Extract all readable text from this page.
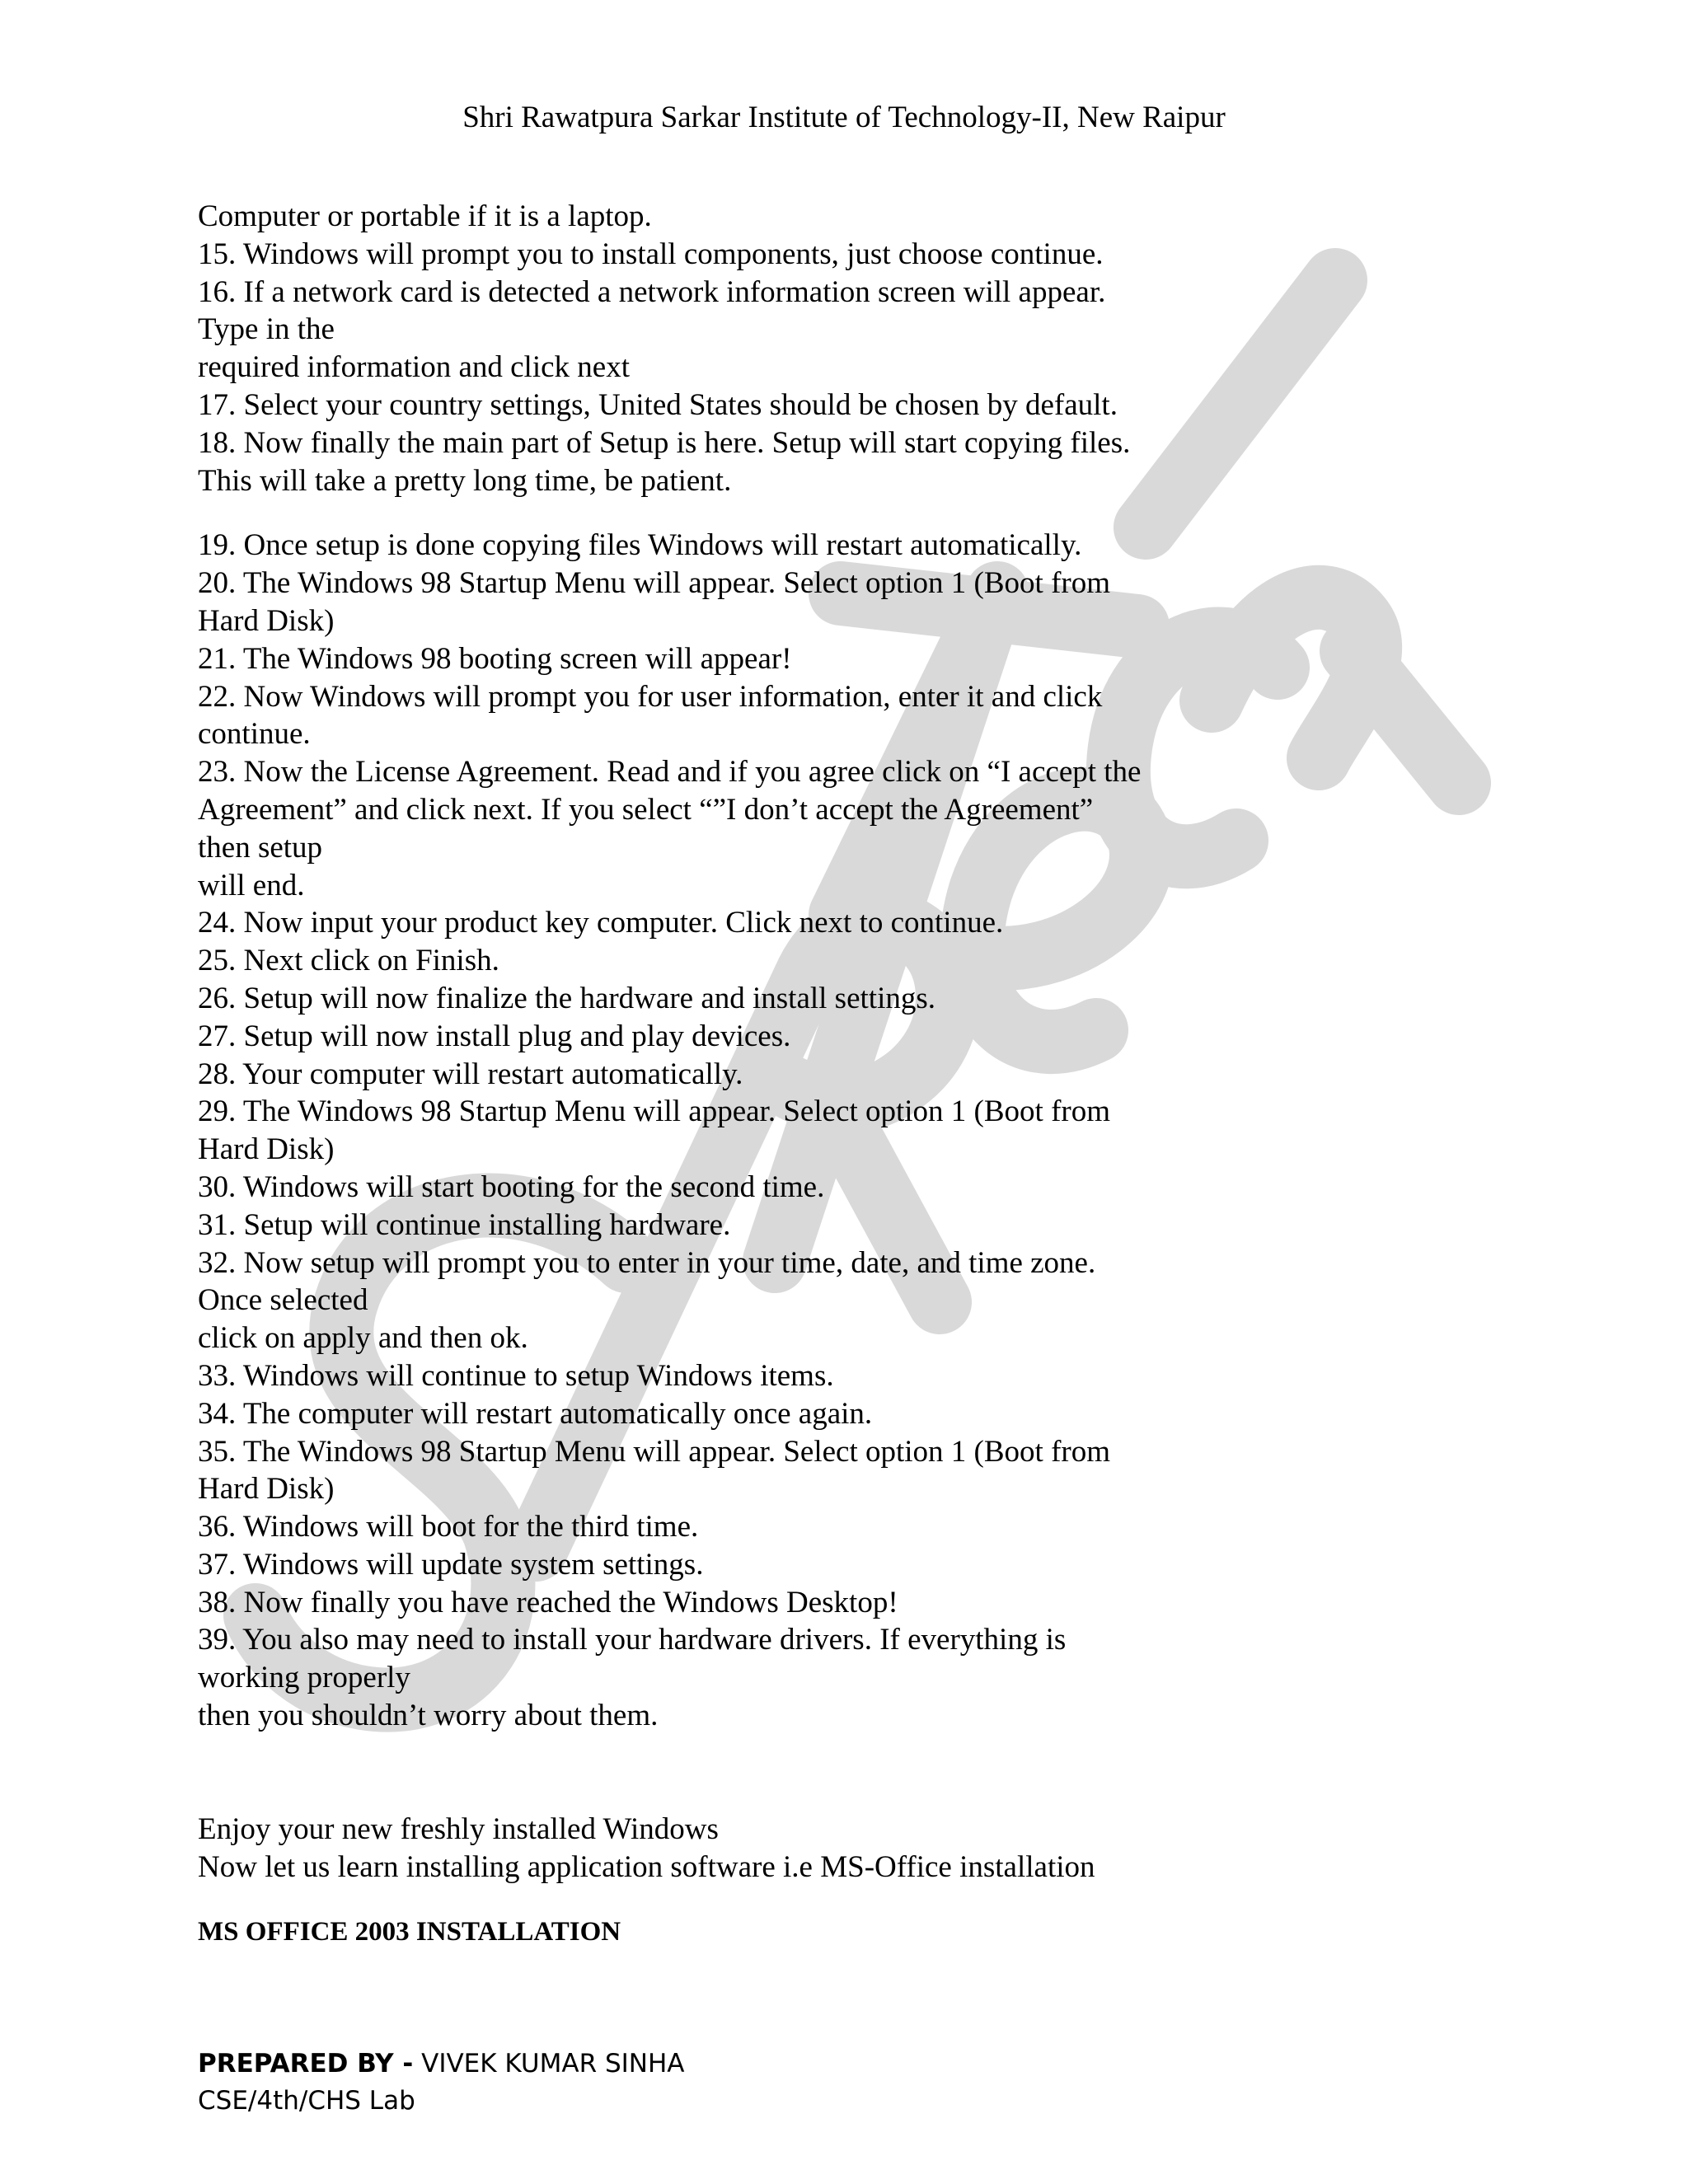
Shri Rawatpura Sarkar Institute of Technology-II, New Raipur
Computer or portable if it is a laptop.
15. Windows will prompt you to install components, just choose continue.
16. If a network card is detected a network information screen will appear.
Type in the
required information and click next
17. Select your country settings, United States should be chosen by default.
18. Now finally the main part of Setup is here. Setup will start copying files.
This will take a pretty long time, be patient.
19. Once setup is done copying files Windows will restart automatically.
20. The Windows 98 Startup Menu will appear. Select option 1 (Boot from
Hard Disk)
21. The Windows 98 booting screen will appear!
22. Now Windows will prompt you for user information, enter it and click
continue.
23. Now the License Agreement. Read and if you agree click on “I accept the
Agreement” and click next. If you select “”I don’t accept the Agreement”
then setup
will end.
24. Now input your product key computer. Click next to continue.
25. Next click on Finish.
26. Setup will now finalize the hardware and install settings.
27. Setup will now install plug and play devices.
28. Your computer will restart automatically.
29. The Windows 98 Startup Menu will appear. Select option 1 (Boot from
Hard Disk)
30. Windows will start booting for the second time.
31. Setup will continue installing hardware.
32. Now setup will prompt you to enter in your time, date, and time zone.
Once selected
click on apply and then ok.
33. Windows will continue to setup Windows items.
34. The computer will restart automatically once again.
35. The Windows 98 Startup Menu will appear. Select option 1 (Boot from
Hard Disk)
36. Windows will boot for the third time.
37. Windows will update system settings.
38. Now finally you have reached the Windows Desktop!
39. You also may need to install your hardware drivers. If everything is
working properly
then you shouldn’t worry about them.
Enjoy your new freshly installed Windows
Now let us learn installing application software i.e MS-Office installation
MS OFFICE 2003 INSTALLATION
PREPARED BY - VIVEK KUMAR SINHA
CSE/4th/CHS Lab
